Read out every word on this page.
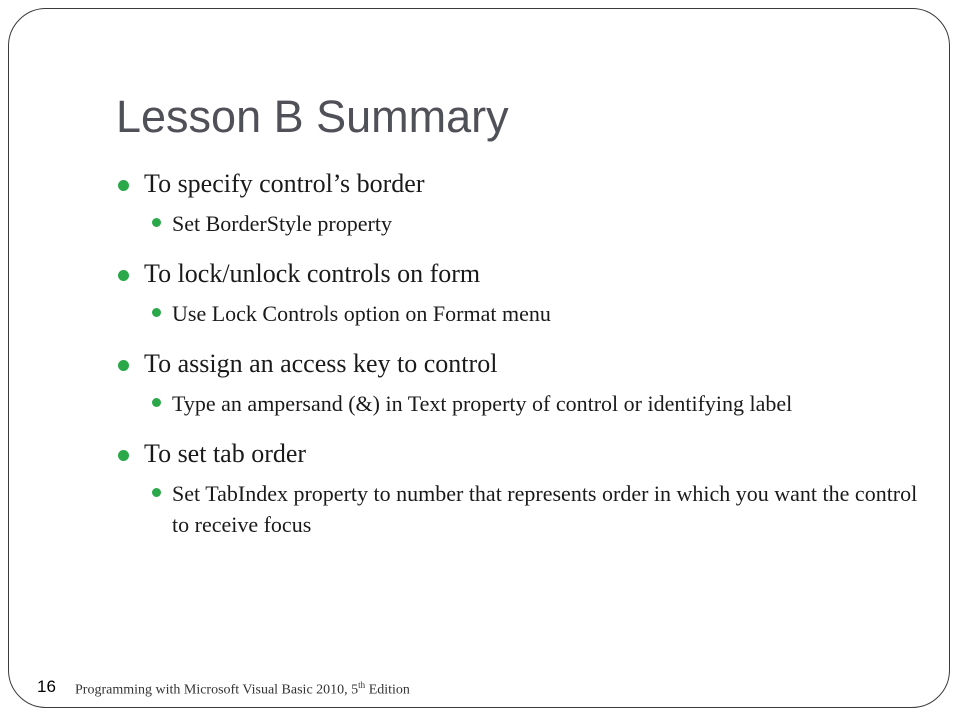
Lesson B Summary
To specify control’s border
Set BorderStyle property
To lock/unlock controls on form
Use Lock Controls option on Format menu
To assign an access key to control
Type an ampersand (&) in Text property of control or identifying label
To set tab order
Set TabIndex property to number that represents order in which you want the control to receive focus
16 Programming with Microsoft Visual Basic 2010, 5th Edition
